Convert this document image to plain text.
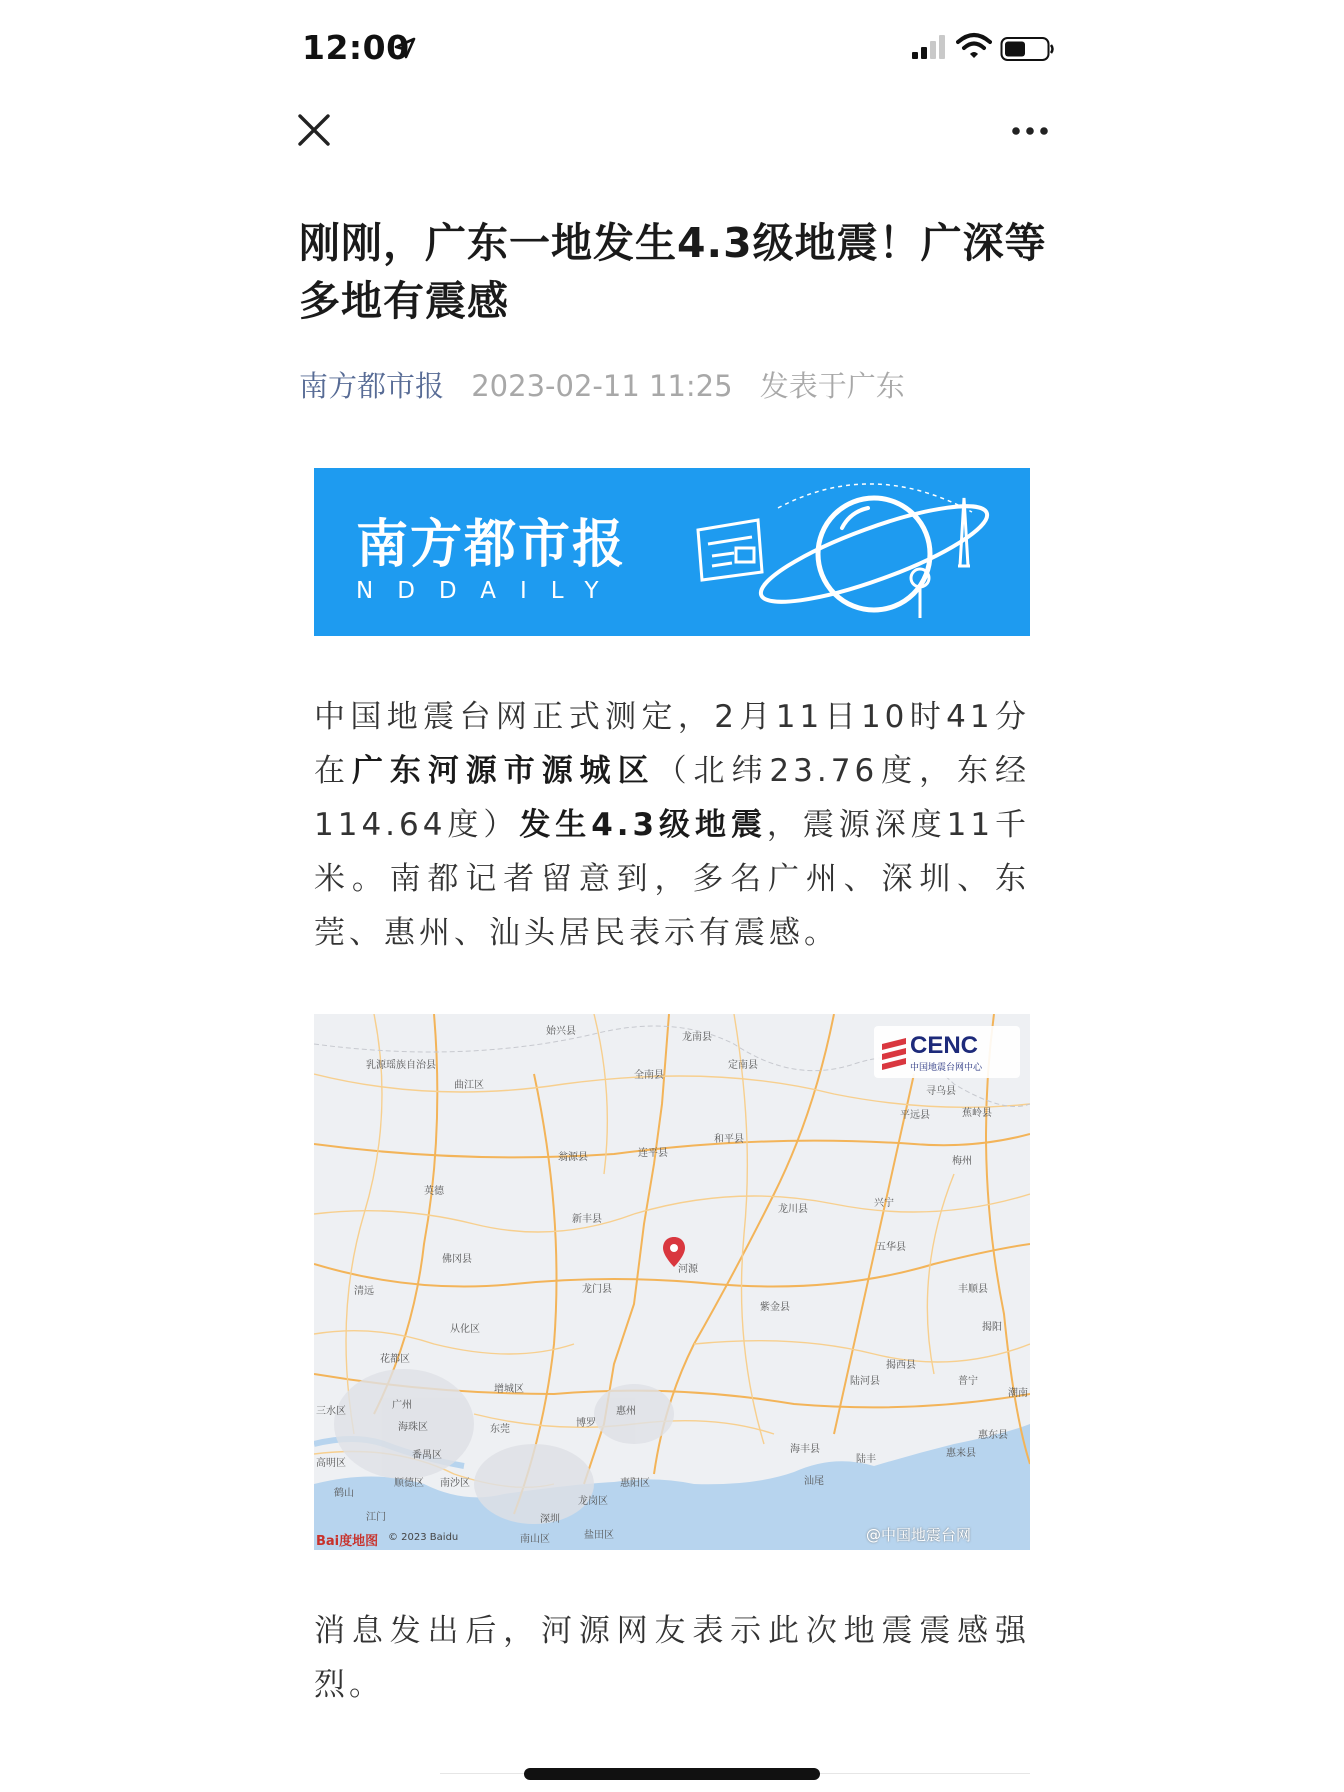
12:00
刚刚，广东一地发生4.3级地震！广深等多地有震感
南方都市报 2023-02-11 11:25 发表于广东
南方都市报
NDDAILY

中国地震台网正式测定，2月11日10时41分在广东河源市源城区（北纬23.76度，东经114.64度）发生4.3级地震，震源深度11千米。南都记者留意到，多名广州、深圳、东莞、惠州、汕头居民表示有震感。

始兴县
龙南县
乳源瑶族自治县
全南县
定南县
寻乌县
曲江区
平远县	蕉岭县
翁源县	连平县
和平县
梅州
英德
新丰县
龙川县
兴宁
佛冈县
五华县
清远	龙门县
紫金县
丰顺县
从化区	揭阳
花都区
增城区
揭西县
陆河县	普宁
潮南
三水区
广州
惠州
海珠区	博罗
东莞
惠东县
海丰县
陆丰
惠来县
高明区
番禺区
顺德区 南沙区	惠阳区
龙岗区
鹤山
深圳
汕尾
江门
南山区	盐田区
河源
CENC
中国地震台网中心
Bai度地图 © 2023 Baidu	@中国地震台网

消息发出后，河源网友表示此次地震震感强烈。
